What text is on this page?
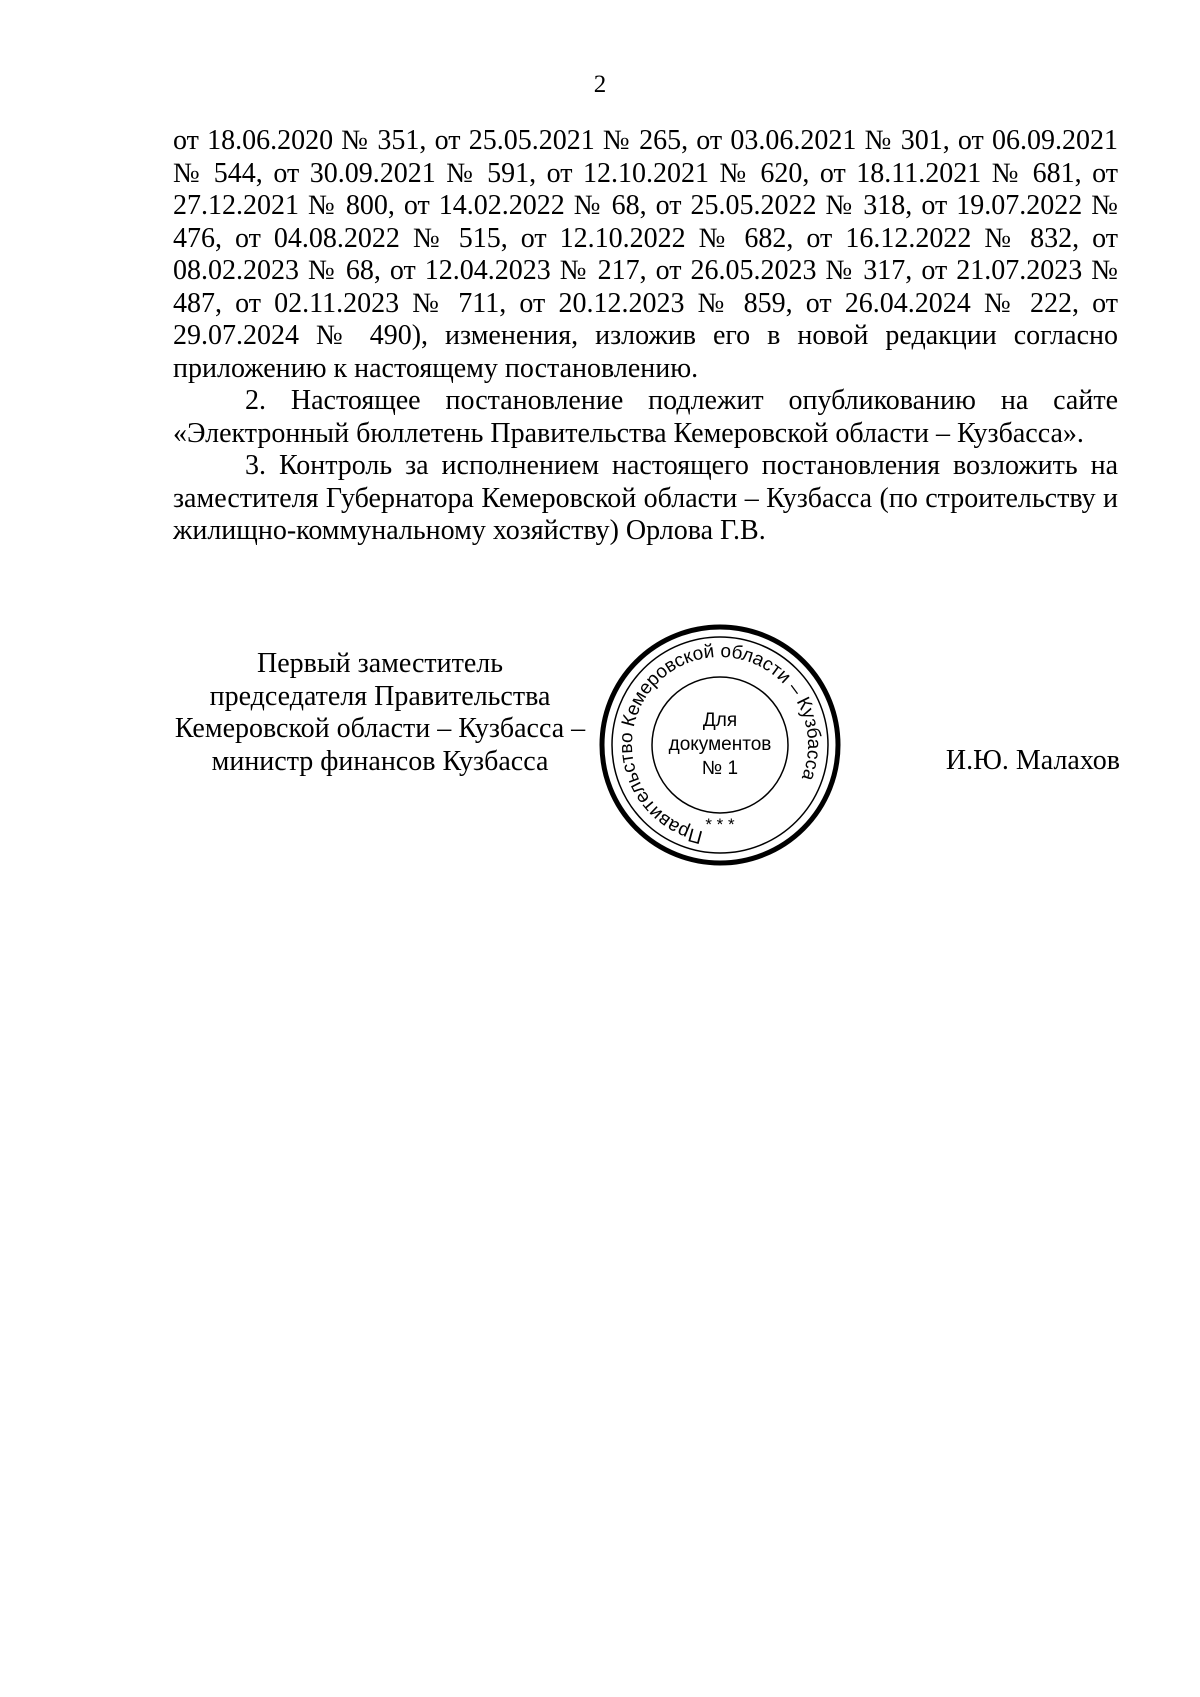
2

от 18.06.2020 № 351, от 25.05.2021 № 265, от 03.06.2021 № 301, от 06.09.2021 № 544, от 30.09.2021 № 591, от 12.10.2021 № 620, от 18.11.2021 № 681, от 27.12.2021 № 800, от 14.02.2022 № 68, от 25.05.2022 № 318, от 19.07.2022 № 476, от 04.08.2022 № 515, от 12.10.2022 № 682, от 16.12.2022 № 832, от 08.02.2023 № 68, от 12.04.2023 № 217, от 26.05.2023 № 317, от 21.07.2023 № 487, от 02.11.2023 № 711, от 20.12.2023 № 859, от 26.04.2024 № 222, от 29.07.2024 № 490), изменения, изложив его в новой редакции согласно приложению к настоящему постановлению.

2. Настоящее постановление подлежит опубликованию на сайте «Электронный бюллетень Правительства Кемеровской области – Кузбасса».

3. Контроль за исполнением настоящего постановления возложить на заместителя Губернатора Кемеровской области – Кузбасса (по строительству и жилищно-коммунальному хозяйству) Орлова Г.В.

Первый заместитель
председателя Правительства
Кемеровской области – Кузбасса –
министр финансов Кузбасса
Правительство Кемеровской области – Кузбасса
* * *
Для
документов
№ 1	И.Ю. Малахов
